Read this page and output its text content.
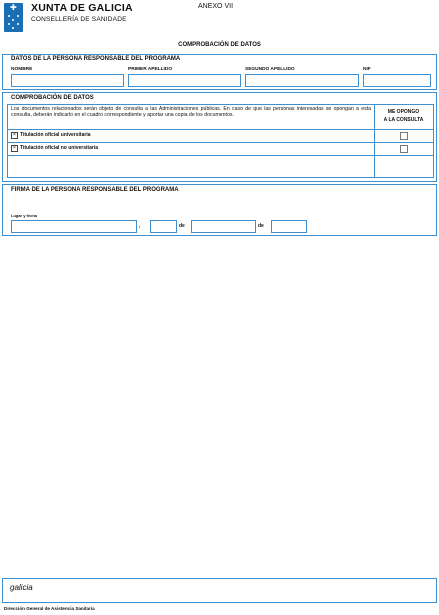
✚ XUNTA DE GALICIA
CONSELLERÍA DE SANIDADE
ANEXO VII
COMPROBACIÓN DE DATOS
DATOS DE LA PERSONA RESPONSABLE DEL PROGRAMA
NOMBRE	PRIMER APELLIDO	SEGUNDO APELLIDO	NIF
COMPROBACIÓN DE DATOS
Los documentos relacionados serán objeto de consulta a las Administraciones públicas. En caso de que las personas interesadas se opongan a esta consulta, deberán indicarlo en el cuadro correspondiente y aportar una copia de los documentos.
ME OPONGO
A LA CONSULTA
× Titulación oficial universitaria
× Titulación oficial no universitaria
FIRMA DE LA PERSONA RESPONSABLE DEL PROGRAMA
Lugar y fecha
,	de	de
galicia
Dirección General de Asistencia Sanitaria
